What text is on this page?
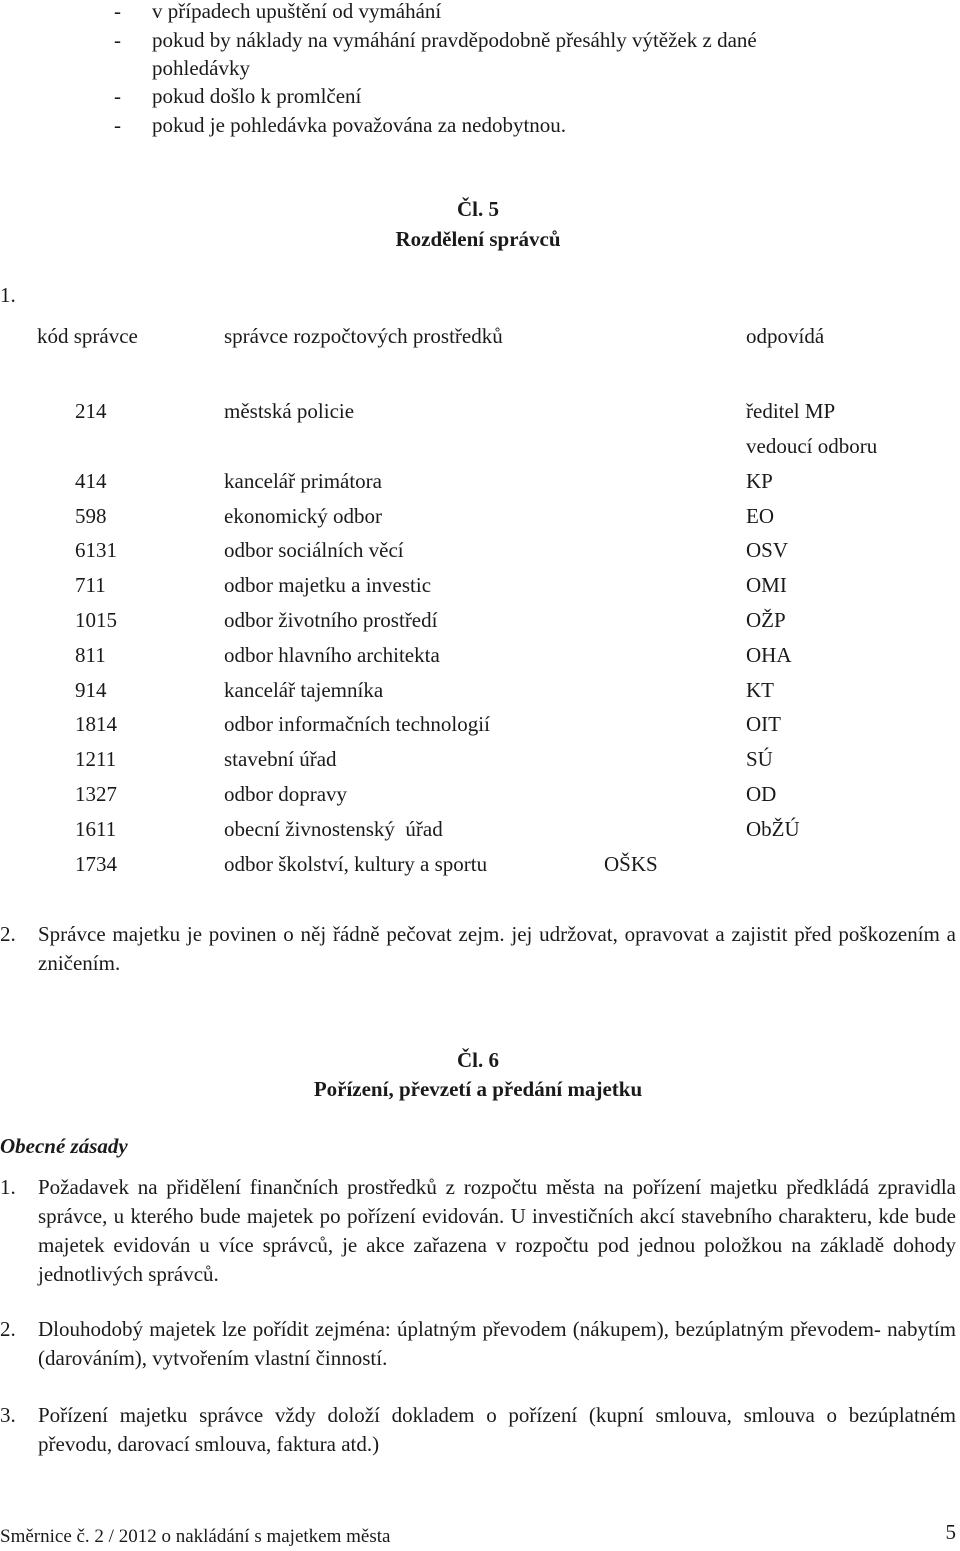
- v případech upuštění od vymáhání
- pokud by náklady na vymáhání pravděpodobně přesáhly výtěžek z dané
pohledávky
- pokud došlo k promlčení
- pokud je pohledávka považována za nedobytnou.
Čl. 5
Rozdělení správců
1.
kód správce	správce rozpočtových prostředků	odpovídá
214	městská policie	ředitel MP
vedoucí odboru
414	kancelář primátora	KP
598	ekonomický odbor	EO
6131	odbor sociálních věcí	OSV
711	odbor majetku a investic	OMI
1015	odbor životního prostředí	OŽP
811	odbor hlavního architekta	OHA
914	kancelář tajemníka	KT
1814	odbor informačních technologií	OIT
1211	stavební úřad	SÚ
1327	odbor dopravy	OD
1611	obecní živnostenský  úřad	ObŽÚ
1734	odbor školství, kultury a sportu	OŠKS
2. Správce majetku je povinen o něj řádně pečovat zejm. jej udržovat, opravovat a zajistit před poškozením a zničením.
Čl. 6
Pořízení, převzetí a předání majetku
Obecné zásady
1. Požadavek na přidělení finančních prostředků z rozpočtu města na pořízení majetku předkládá zpravidla správce, u kterého bude majetek po pořízení evidován. U investičních akcí stavebního charakteru, kde bude majetek evidován u více správců, je akce zařazena v rozpočtu pod jednou položkou na základě dohody jednotlivých správců.
2. Dlouhodobý majetek lze pořídit zejména: úplatným převodem (nákupem), bezúplatným převodem- nabytím (darováním), vytvořením vlastní činností.
3. Pořízení majetku správce vždy doloží dokladem o pořízení (kupní smlouva, smlouva o bezúplatném převodu, darovací smlouva, faktura atd.)
Směrnice č. 2 / 2012 o nakládání s majetkem města	5
